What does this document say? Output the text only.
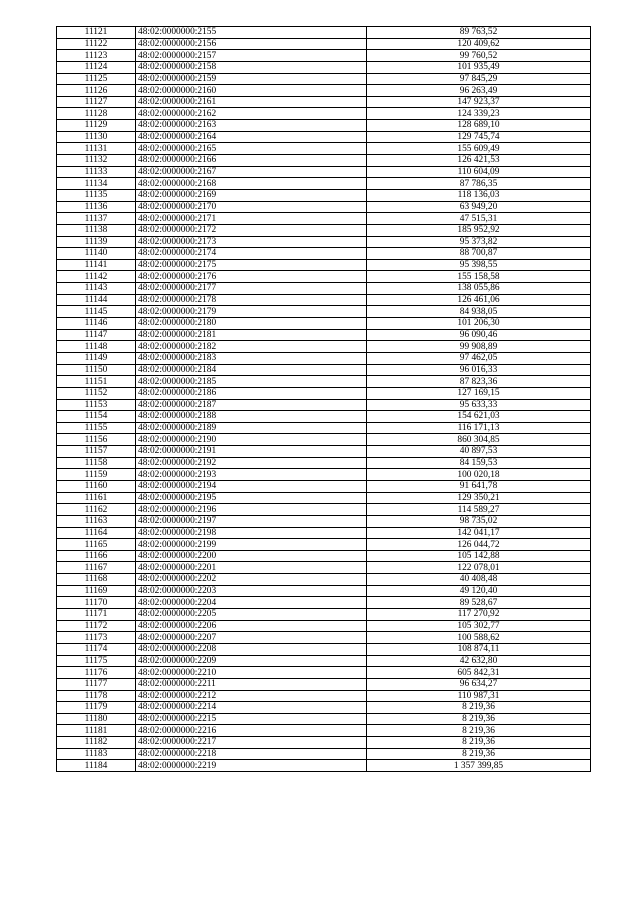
11121	48:02:0000000:2155	89 763,52
11122	48:02:0000000:2156	120 409,62
11123	48:02:0000000:2157	99 760,52
11124	48:02:0000000:2158	101 935,49
11125	48:02:0000000:2159	97 845,29
11126	48:02:0000000:2160	96 263,49
11127	48:02:0000000:2161	147 923,37
11128	48:02:0000000:2162	124 339,23
11129	48:02:0000000:2163	128 689,10
11130	48:02:0000000:2164	129 745,74
11131	48:02:0000000:2165	155 609,49
11132	48:02:0000000:2166	126 421,53
11133	48:02:0000000:2167	110 604,09
11134	48:02:0000000:2168	87 786,35
11135	48:02:0000000:2169	118 136,03
11136	48:02:0000000:2170	63 949,20
11137	48:02:0000000:2171	47 515,31
11138	48:02:0000000:2172	185 952,92
11139	48:02:0000000:2173	95 373,82
11140	48:02:0000000:2174	88 700,87
11141	48:02:0000000:2175	95 398,55
11142	48:02:0000000:2176	155 158,58
11143	48:02:0000000:2177	138 055,86
11144	48:02:0000000:2178	126 461,06
11145	48:02:0000000:2179	84 938,05
11146	48:02:0000000:2180	101 206,30
11147	48:02:0000000:2181	96 090,46
11148	48:02:0000000:2182	99 908,89
11149	48:02:0000000:2183	97 462,05
11150	48:02:0000000:2184	96 016,33
11151	48:02:0000000:2185	87 823,36
11152	48:02:0000000:2186	127 169,15
11153	48:02:0000000:2187	95 633,33
11154	48:02:0000000:2188	154 621,03
11155	48:02:0000000:2189	116 171,13
11156	48:02:0000000:2190	860 304,85
11157	48:02:0000000:2191	40 897,53
11158	48:02:0000000:2192	84 159,53
11159	48:02:0000000:2193	100 020,18
11160	48:02:0000000:2194	91 641,78
11161	48:02:0000000:2195	129 350,21
11162	48:02:0000000:2196	114 589,27
11163	48:02:0000000:2197	98 735,02
11164	48:02:0000000:2198	142 041,17
11165	48:02:0000000:2199	126 044,72
11166	48:02:0000000:2200	105 142,88
11167	48:02:0000000:2201	122 078,01
11168	48:02:0000000:2202	40 408,48
11169	48:02:0000000:2203	49 120,40
11170	48:02:0000000:2204	89 528,67
11171	48:02:0000000:2205	117 270,92
11172	48:02:0000000:2206	105 302,77
11173	48:02:0000000:2207	100 588,62
11174	48:02:0000000:2208	108 874,11
11175	48:02:0000000:2209	42 632,80
11176	48:02:0000000:2210	605 842,31
11177	48:02:0000000:2211	96 634,27
11178	48:02:0000000:2212	110 987,31
11179	48:02:0000000:2214	8 219,36
11180	48:02:0000000:2215	8 219,36
11181	48:02:0000000:2216	8 219,36
11182	48:02:0000000:2217	8 219,36
11183	48:02:0000000:2218	8 219,36
11184	48:02:0000000:2219	1 357 399,85
